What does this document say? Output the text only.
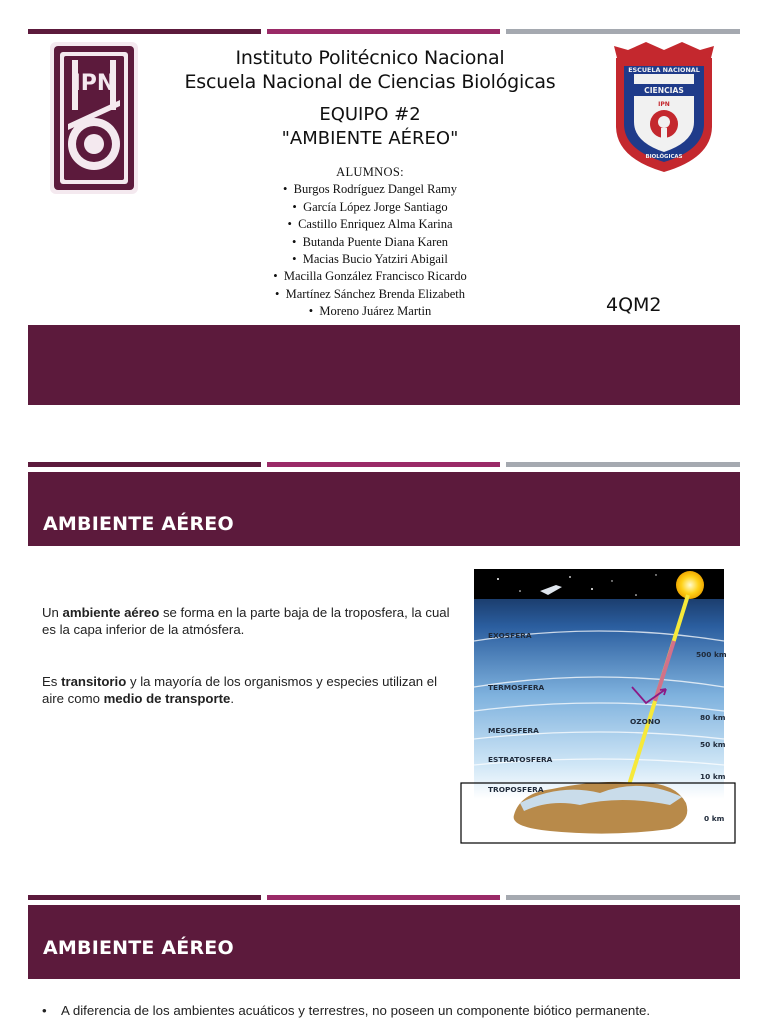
IPN
ESCUELA NACIONAL
CIENCIAS
IPN
BIOLÓGICAS
Instituto Politécnico Nacional
Escuela Nacional de Ciencias Biológicas
EQUIPO #2
"AMBIENTE AÉREO"
ALUMNOS:
•  Burgos Rodríguez Dangel Ramy
•  García López Jorge Santiago
•  Castillo Enriquez Alma Karina
•  Butanda Puente Diana Karen
•  Macias Bucio Yatziri Abigail
•  Macilla González Francisco Ricardo
•  Martínez Sánchez Brenda Elizabeth
•  Moreno Juárez Martin	4QM2
AMBIENTE AÉREO
Un ambiente aéreo se forma en la parte baja de la troposfera, la cual es la capa inferior de la atmósfera.
Es transitorio y la mayoría de los organismos y especies utilizan el aire como medio de transporte.
EXOSFERA
TERMOSFERA
MESOSFERA
ESTRATOSFERA
TROPOSFERA
OZONO
500 km
80 km
50 km
10 km
0 km
AMBIENTE AÉREO
• A diferencia de los ambientes acuáticos y terrestres, no poseen un componente biótico permanente.
